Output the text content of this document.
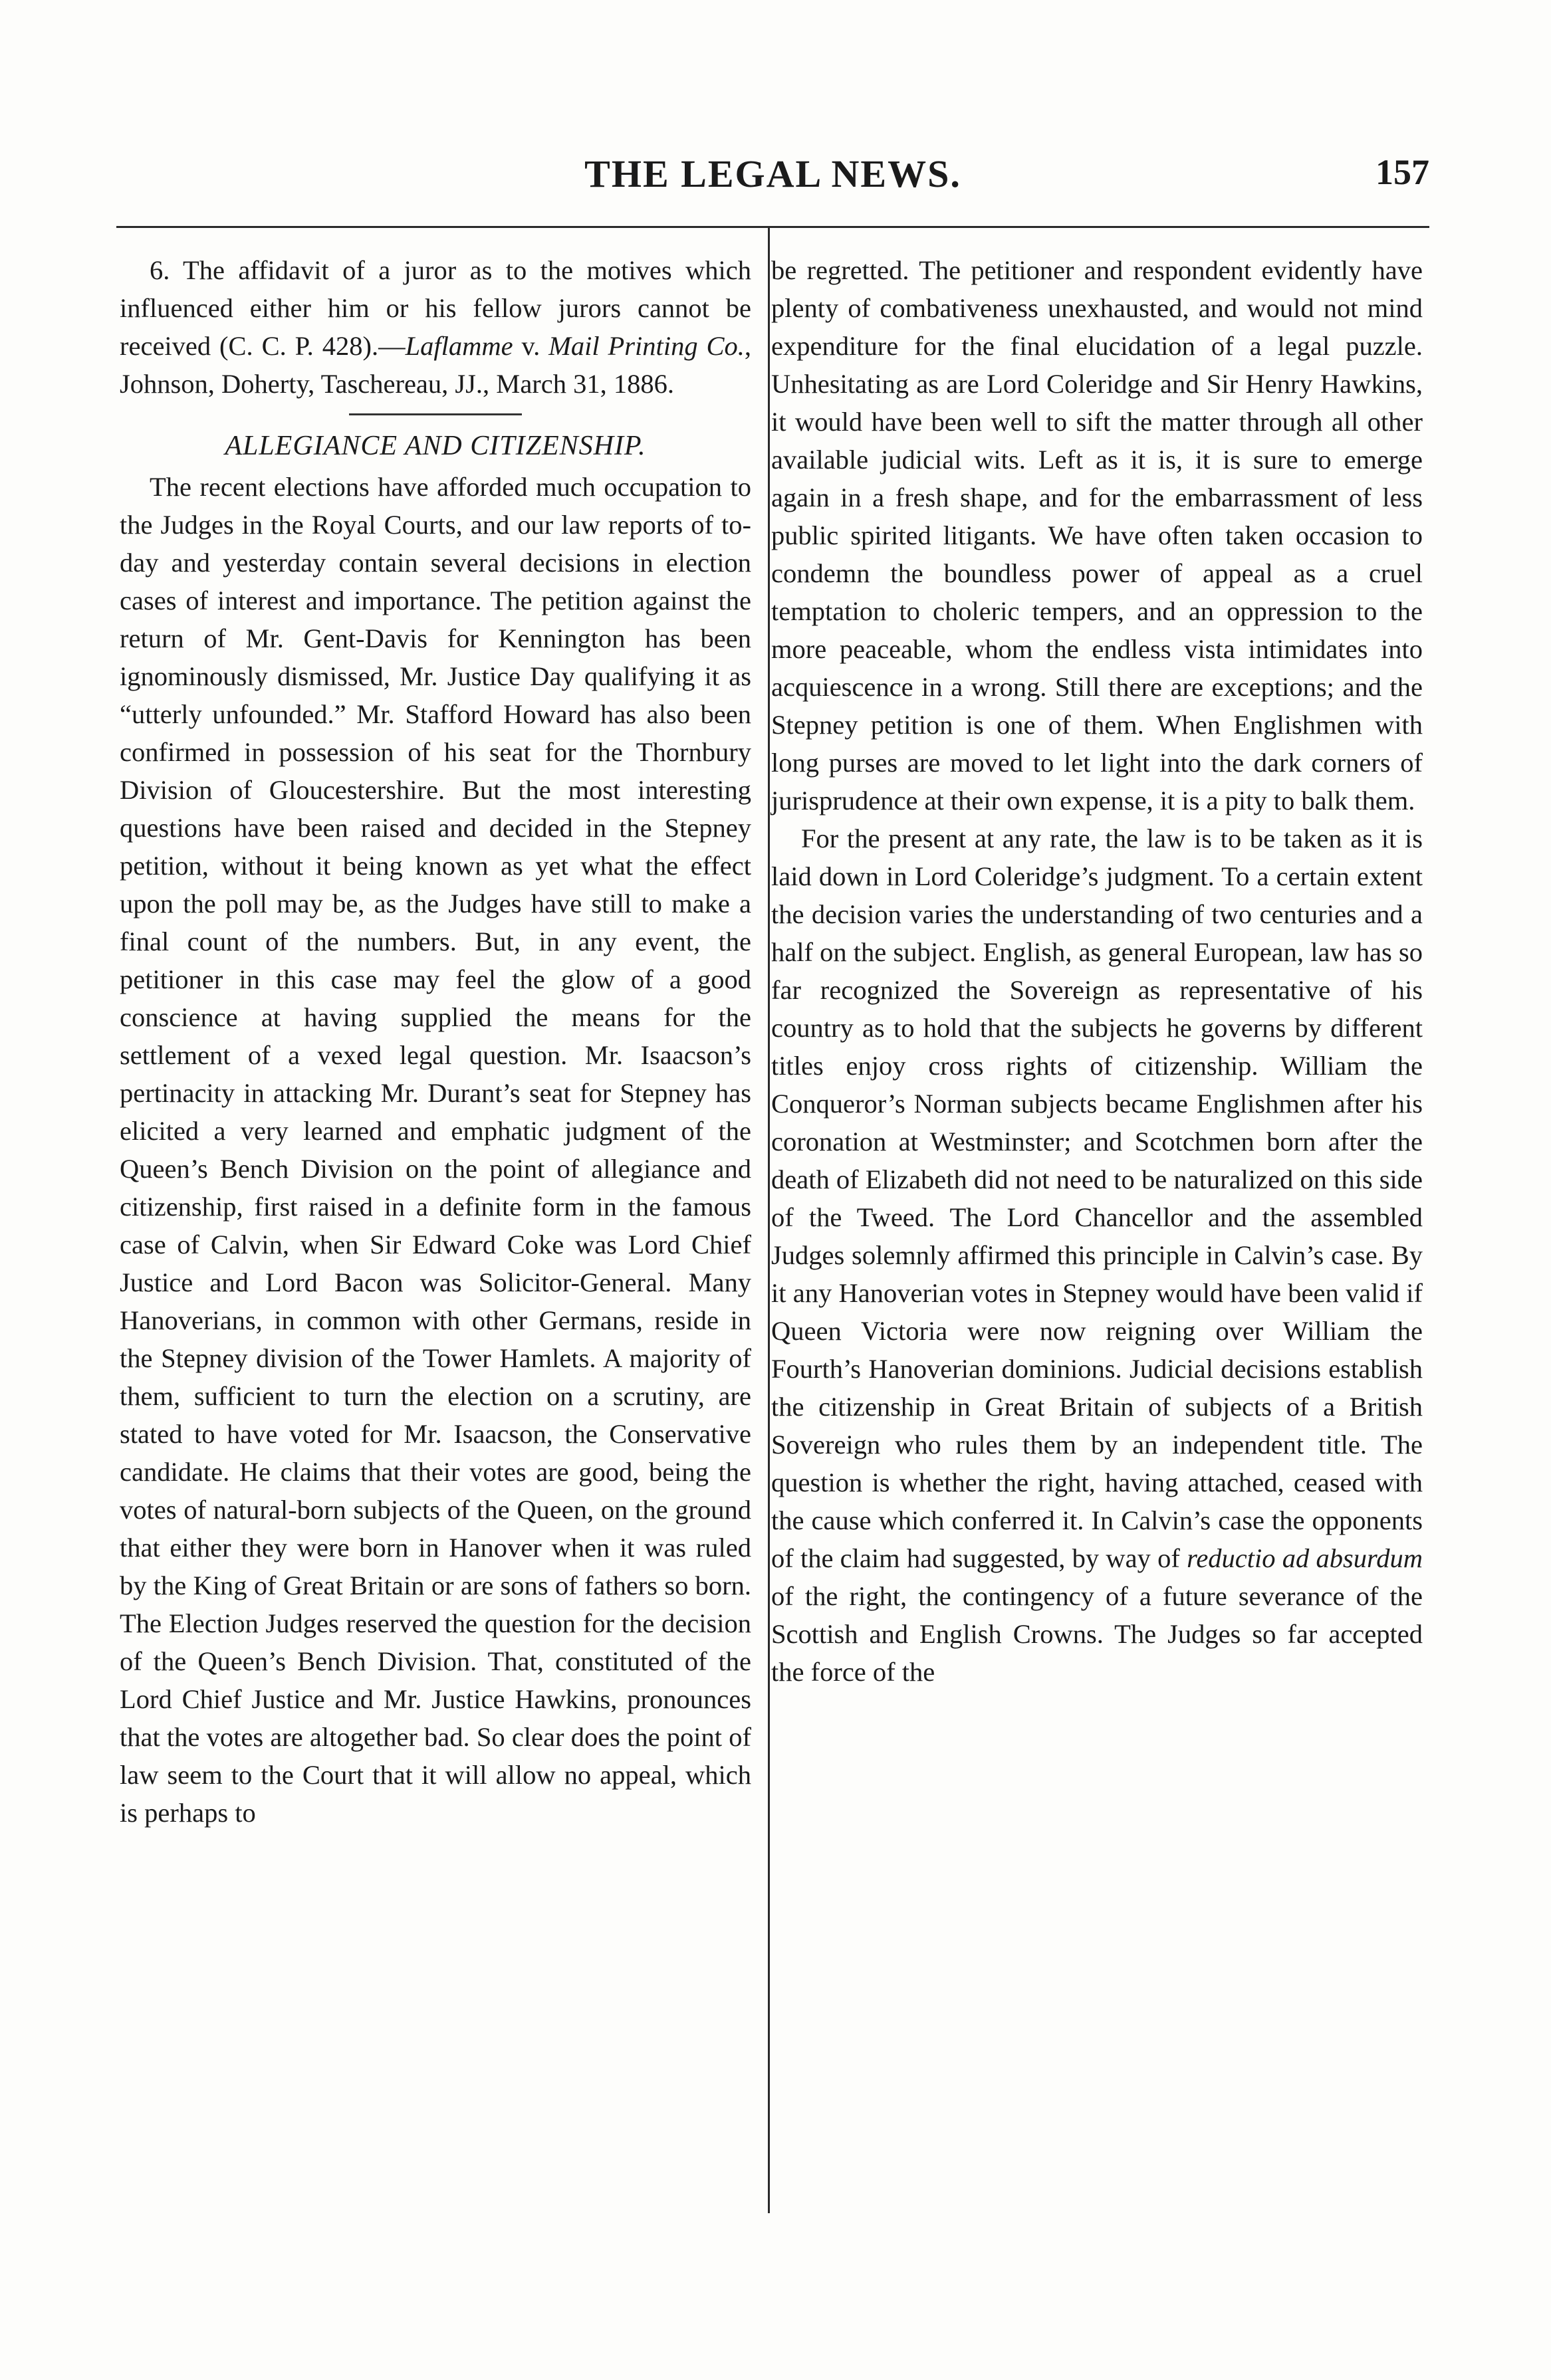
THE LEGAL NEWS.	157

6. The affidavit of a juror as to the motives which influenced either him or his fellow jurors cannot be received (C. C. P. 428).—Laflamme v. Mail Printing Co., Johnson, Doherty, Taschereau, JJ., March 31, 1886.

ALLEGIANCE AND CITIZENSHIP.

The recent elections have afforded much occupation to the Judges in the Royal Courts, and our law reports of to-day and yesterday contain several decisions in election cases of interest and importance. The petition against the return of Mr. Gent-Davis for Kennington has been ignominously dismissed, Mr. Justice Day qualifying it as “utterly unfounded.” Mr. Stafford Howard has also been confirmed in possession of his seat for the Thornbury Division of Gloucestershire. But the most interesting questions have been raised and decided in the Stepney petition, without it being known as yet what the effect upon the poll may be, as the Judges have still to make a final count of the numbers. But, in any event, the petitioner in this case may feel the glow of a good conscience at having supplied the means for the settlement of a vexed legal question. Mr. Isaacson’s pertinacity in attacking Mr. Durant’s seat for Stepney has elicited a very learned and emphatic judgment of the Queen’s Bench Division on the point of allegiance and citizenship, first raised in a definite form in the famous case of Calvin, when Sir Edward Coke was Lord Chief Justice and Lord Bacon was Solicitor-General. Many Hanoverians, in common with other Germans, reside in the Stepney division of the Tower Hamlets. A majority of them, sufficient to turn the election on a scrutiny, are stated to have voted for Mr. Isaacson, the Conservative candidate. He claims that their votes are good, being the votes of natural-born subjects of the Queen, on the ground that either they were born in Hanover when it was ruled by the King of Great Britain or are sons of fathers so born. The Election Judges reserved the question for the decision of the Queen’s Bench Division. That, constituted of the Lord Chief Justice and Mr. Justice Hawkins, pronounces that the votes are altogether bad. So clear does the point of law seem to the Court that it will allow no appeal, which is perhaps to

be regretted. The petitioner and respondent evidently have plenty of combativeness unexhausted, and would not mind expenditure for the final elucidation of a legal puzzle. Unhesitating as are Lord Coleridge and Sir Henry Hawkins, it would have been well to sift the matter through all other available judicial wits. Left as it is, it is sure to emerge again in a fresh shape, and for the embarrassment of less public spirited litigants. We have often taken occasion to condemn the boundless power of appeal as a cruel temptation to choleric tempers, and an oppression to the more peaceable, whom the endless vista intimidates into acquiescence in a wrong. Still there are exceptions; and the Stepney petition is one of them. When Englishmen with long purses are moved to let light into the dark corners of jurisprudence at their own expense, it is a pity to balk them.

For the present at any rate, the law is to be taken as it is laid down in Lord Coleridge’s judgment. To a certain extent the decision varies the understanding of two centuries and a half on the subject. English, as general European, law has so far recognized the Sovereign as representative of his country as to hold that the subjects he governs by different titles enjoy cross rights of citizenship. William the Conqueror’s Norman subjects became Englishmen after his coronation at Westminster; and Scotchmen born after the death of Elizabeth did not need to be naturalized on this side of the Tweed. The Lord Chancellor and the assembled Judges solemnly affirmed this principle in Calvin’s case. By it any Hanoverian votes in Stepney would have been valid if Queen Victoria were now reigning over William the Fourth’s Hanoverian dominions. Judicial decisions establish the citizenship in Great Britain of subjects of a British Sovereign who rules them by an independent title. The question is whether the right, having attached, ceased with the cause which conferred it. In Calvin’s case the opponents of the claim had suggested, by way of reductio ad absurdum of the right, the contingency of a future severance of the Scottish and English Crowns. The Judges so far accepted the force of the
